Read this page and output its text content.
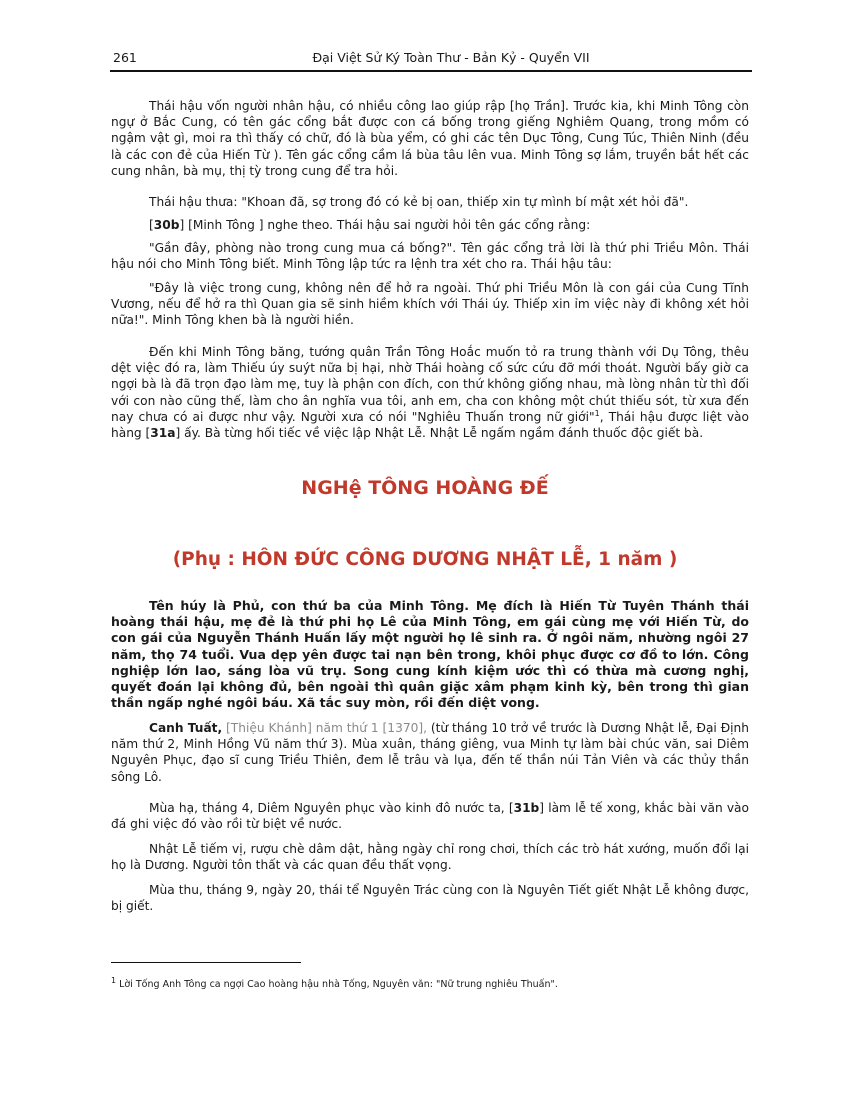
261	Đại Việt Sử Ký Toàn Thư - Bản Kỷ - Quyển VII

Thái hậu vốn người nhân hậu, có nhiều công lao giúp rập [họ Trần]. Trước kia, khi Minh Tông còn ngự ở Bắc Cung, có tên gác cổng bắt được con cá bống trong giếng Nghiêm Quang, trong mồm có ngậm vật gì, moi ra thì thấy có chữ, đó là bùa yểm, có ghi các tên Dục Tông, Cung Túc, Thiên Ninh (đều là các con đẻ của Hiến Từ ). Tên gác cổng cầm lá bùa tâu lên vua. Minh Tông sợ lắm, truyền bắt hết các cung nhân, bà mụ, thị tỳ trong cung để tra hỏi.

Thái hậu thưa: "Khoan đã, sợ trong đó có kẻ bị oan, thiếp xin tự mình bí mật xét hỏi đã".

[30b] [Minh Tông ] nghe theo. Thái hậu sai người hỏi tên gác cổng rằng:

"Gần đây, phòng nào trong cung mua cá bống?". Tên gác cổng trả lời là thứ phi Triều Môn. Thái hậu nói cho Minh Tông biết. Minh Tông lập tức ra lệnh tra xét cho ra. Thái hậu tâu:

"Đây là việc trong cung, không nên để hở ra ngoài. Thứ phi Triều Môn là con gái của Cung Tĩnh Vương, nếu để hở ra thì Quan gia sẽ sinh hiềm khích với Thái úy. Thiếp xin ỉm việc này đi không xét hỏi nữa!". Minh Tông khen bà là người hiền.

Đến khi Minh Tông băng, tướng quân Trần Tông Hoắc muốn tỏ ra trung thành với Dụ Tông, thêu dệt việc đó ra, làm Thiếu úy suýt nữa bị hại, nhờ Thái hoàng cố sức cứu đỡ mới thoát. Người bấy giờ ca ngợi bà là đã trọn đạo làm mẹ, tuy là phận con đích, con thứ không giống nhau, mà lòng nhân từ thì đối với con nào cũng thế, làm cho ân nghĩa vua tôi, anh em, cha con không một chút thiếu sót, từ xưa đến nay chưa có ai được như vậy. Người xưa có nói "Nghiêu Thuấn trong nữ giới"$^1$, Thái hậu được liệt vào hàng [31a] ấy. Bà từng hối tiếc về việc lập Nhật Lễ. Nhật Lễ ngấm ngầm đánh thuốc độc giết bà.

NGHệ TÔNG HOÀNG ĐẾ
(Phụ : HÔN ĐỨC CÔNG DƯƠNG NHẬT LỄ, 1 năm )

Tên húy là Phủ, con thứ ba của Minh Tông. Mẹ đích là Hiến Từ Tuyên Thánh thái hoàng thái hậu, mẹ đẻ là thứ phi họ Lê của Minh Tông, em gái cùng mẹ với Hiến Từ, do con gái của Nguyễn Thánh Huấn lấy một người họ lê sinh ra. Ở ngôi năm, nhường ngôi 27 năm, thọ 74 tuổi. Vua dẹp yên được tai nạn bên trong, khôi phục được cơ đồ to lớn. Công nghiệp lớn lao, sáng lòa vũ trụ. Song cung kính kiệm ước thì có thừa mà cương nghị, quyết đoán lại không đủ, bên ngoài thì quân giặc xâm phạm kinh kỳ, bên trong thì gian thần ngấp nghé ngôi báu. Xã tắc suy mòn, rồi đến diệt vong.

Canh Tuất, [Thiệu Khánh] năm thứ 1 [1370], (từ tháng 10 trở về trước là Dương Nhật lễ, Đại Định năm thứ 2, Minh Hồng Vũ năm thứ 3). Mùa xuân, tháng giêng, vua Minh tự làm bài chúc văn, sai Diêm Nguyên Phục, đạo sĩ cung Triều Thiên, đem lễ trâu và lụa, đến tế thần núi Tản Viên và các thủy thần sông Lô.

Mùa hạ, tháng 4, Diêm Nguyên phục vào kinh đô nước ta, [31b] làm lễ tế xong, khắc bài văn vào đá ghi việc đó vào rồi từ biệt về nước.

Nhật Lễ tiếm vị, rượu chè dâm dật, hằng ngày chỉ rong chơi, thích các trò hát xướng, muốn đổi lại họ là Dương. Người tôn thất và các quan đều thất vọng.

Mùa thu, tháng 9, ngày 20, thái tể Nguyên Trác cùng con là Nguyên Tiết giết Nhật Lễ không được, bị giết.

$^1$ Lời Tống Anh Tông ca ngợi Cao hoàng hậu nhà Tống, Nguyên văn: "Nữ trung nghiêu Thuấn".
